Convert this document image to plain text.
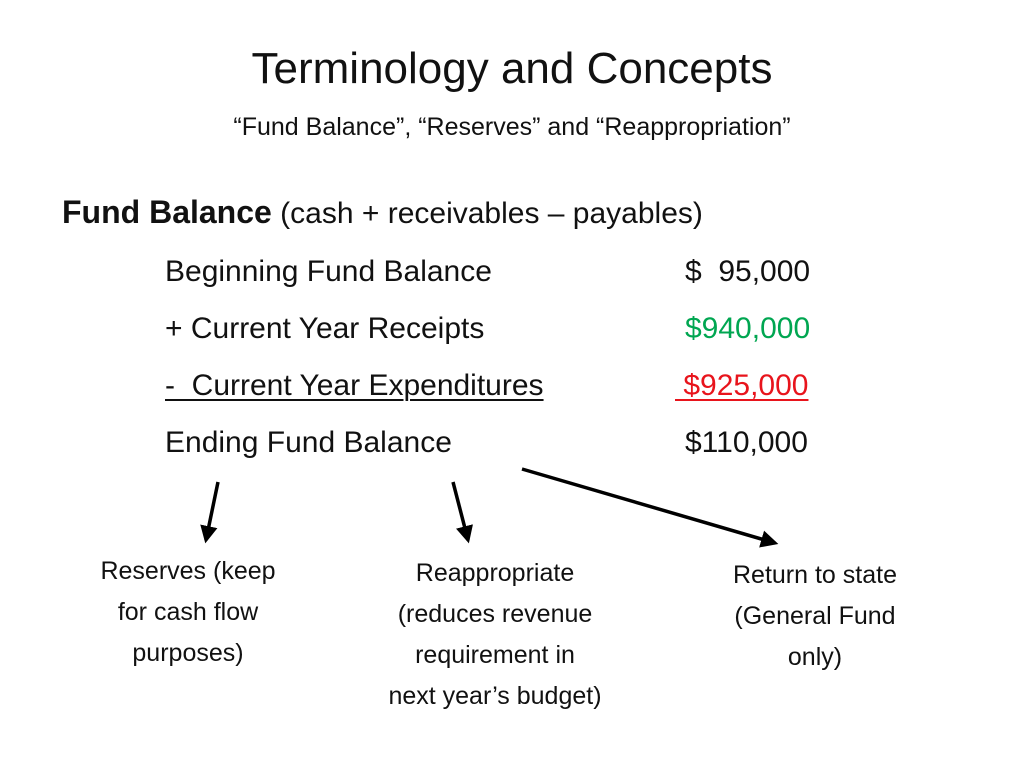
Terminology and Concepts
“Fund Balance”, “Reserves” and “Reappropriation”
Fund Balance (cash + receivables – payables)
Beginning Fund Balance	$  95,000
+ Current Year Receipts	$940,000
-  Current Year Expenditures	$925,000
Ending Fund Balance	$110,000
Reserves (keep
for cash flow
purposes)
Reappropriate
(reduces revenue
requirement in
next year’s budget)
Return to state
(General Fund
only)
